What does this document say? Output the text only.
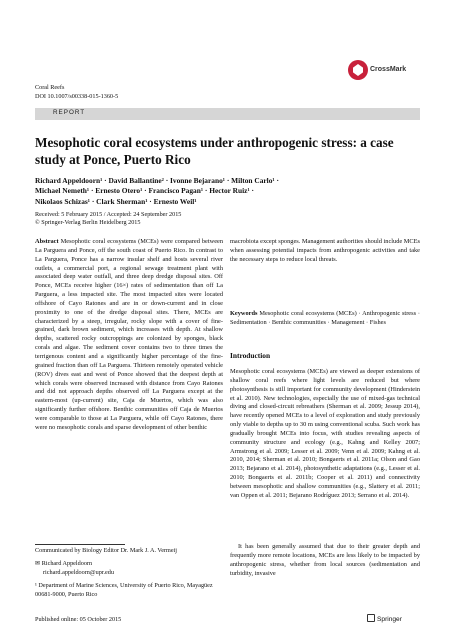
Coral Reefs
DOI 10.1007/s00338-015-1360-5
CrossMark
REPORT
Mesophotic coral ecosystems under anthropogenic stress: a case study at Ponce, Puerto Rico
Richard Appeldoorn¹ · David Ballantine² · Ivonne Bejarano¹ · Milton Carlo¹ ·
Michael Nemeth¹ · Ernesto Otero¹ · Francisco Pagan¹ · Hector Ruiz¹ ·
Nikolaos Schizas¹ · Clark Sherman¹ · Ernesto Weil¹
Received: 5 February 2015 / Accepted: 24 September 2015
© Springer-Verlag Berlin Heidelberg 2015

Abstract Mesophotic coral ecosystems (MCEs) were compared between La Parguera and Ponce, off the south coast of Puerto Rico. In contrast to La Parguera, Ponce has a narrow insular shelf and hosts several river outlets, a commercial port, a regional sewage treatment plant with associated deep water outfall, and three deep dredge disposal sites. Off Ponce, MCEs receive higher (16×) rates of sedimentation than off La Parguera, a less impacted site. The most impacted sites were located offshore of Cayo Ratones and are in or down-current and in close proximity to one of the dredge disposal sites. There, MCEs are characterized by a steep, irregular, rocky slope with a cover of fine-grained, dark brown sediment, which increases with depth. At shallow depths, scattered rocky outcroppings are colonized by sponges, black corals and algae. The sediment cover contains two to three times the terrigenous content and a significantly higher percentage of the fine-grained fraction than off La Parguera. Thirteen remotely operated vehicle (ROV) dives east and west of Ponce showed that the deepest depth at which corals were observed increased with distance from Cayo Ratones and did not approach depths observed off La Parguera except at the eastern-most (up-current) site, Caja de Muertos, which was also significantly further offshore. Benthic communities off Caja de Muertos were comparable to those at La Parguera, while off Cayo Ratones, there were no mesophotic corals and sparse development of other benthic

macrobiota except sponges. Management authorities should include MCEs when assessing potential impacts from anthropogenic activities and take the necessary steps to reduce local threats.
Keywords Mesophotic coral ecosystems (MCEs) · Anthropogenic stress · Sedimentation · Benthic communities · Management · Fishes
Introduction
Mesophotic coral ecosystems (MCEs) are viewed as deeper extensions of shallow coral reefs where light levels are reduced but where photosynthesis is still important for community development (Hinderstein et al. 2010). New technologies, especially the use of mixed-gas technical diving and closed-circuit rebreathers (Sherman et al. 2009; Jessup 2014), have recently opened MCEs to a level of exploration and study previously only viable to depths up to 30 m using conventional scuba. Such work has gradually brought MCEs into focus, with studies revealing aspects of community structure and ecology (e.g., Kahng and Kelley 2007; Armstrong et al. 2009; Lesser et al. 2009; Venn et al. 2009; Kahng et al. 2010, 2014; Sherman et al. 2010; Bongaerts et al. 2011a; Olson and Gao 2013; Bejarano et al. 2014), photosynthetic adaptations (e.g., Lesser et al. 2010; Bongaerts et al. 2011b; Cooper et al. 2011) and connectivity between mesophotic and shallow communities (e.g., Slattery et al. 2011; van Oppen et al. 2011; Bejarano Rodríguez 2013; Serrano et al. 2014).
It has been generally assumed that due to their greater depth and frequently more remote locations, MCEs are less likely to be impacted by anthropogenic stress, whether from local sources (sedimentation and turbidity, invasive
Communicated by Biology Editor Dr. Mark J. A. Vermeij
✉ Richard Appeldoorn
richard.appeldoorn@upr.edu
¹ Department of Marine Sciences, University of Puerto Rico, Mayagüez 00681-9000, Puerto Rico
Published online: 05 October 2015	Springer
